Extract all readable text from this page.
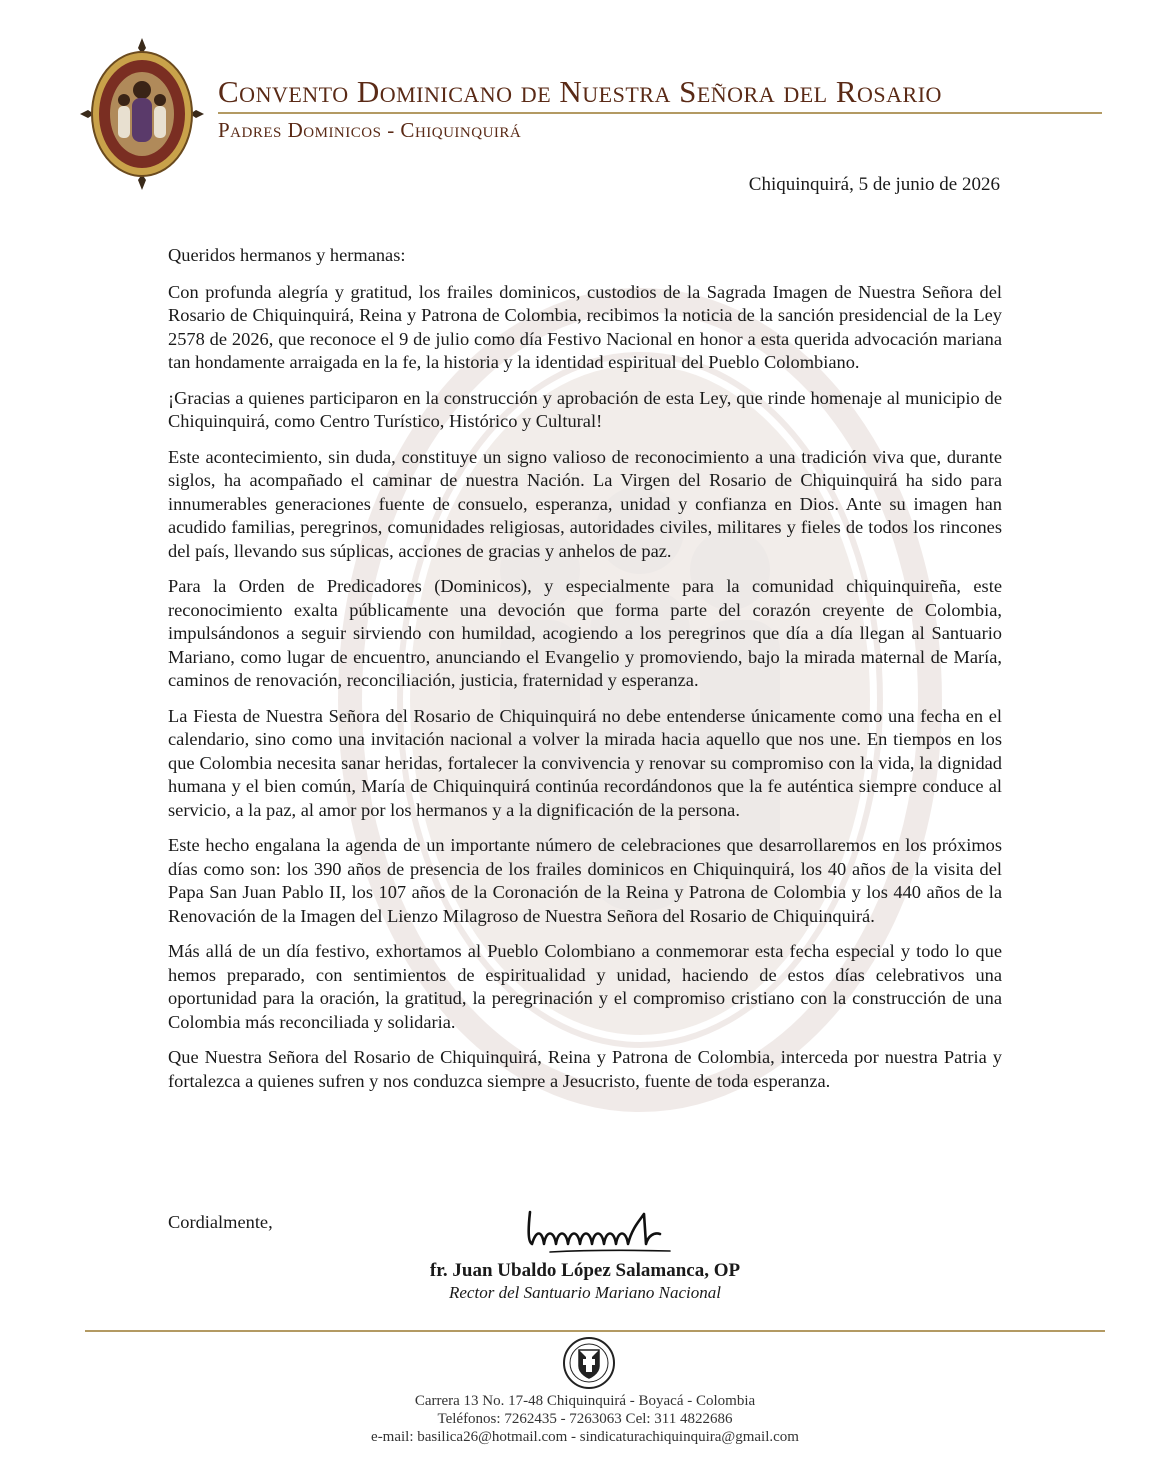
Convento Dominicano de Nuestra Señora del Rosario
Padres Dominicos - Chiquinquirá
Chiquinquirá, 5 de junio de 2026

Queridos hermanos y hermanas:

Con profunda alegría y gratitud, los frailes dominicos, custodios de la Sagrada Imagen de Nuestra Señora del Rosario de Chiquinquirá, Reina y Patrona de Colombia, recibimos la noticia de la sanción presidencial de la Ley 2578 de 2026, que reconoce el 9 de julio como día Festivo Nacional en honor a esta querida advocación mariana tan hondamente arraigada en la fe, la historia y la identidad espiritual del Pueblo Colombiano.

¡Gracias a quienes participaron en la construcción y aprobación de esta Ley, que rinde homenaje al municipio de Chiquinquirá, como Centro Turístico, Histórico y Cultural!

Este acontecimiento, sin duda, constituye un signo valioso de reconocimiento a una tradición viva que, durante siglos, ha acompañado el caminar de nuestra Nación. La Virgen del Rosario de Chiquinquirá ha sido para innumerables generaciones fuente de consuelo, esperanza, unidad y confianza en Dios. Ante su imagen han acudido familias, peregrinos, comunidades religiosas, autoridades civiles, militares y fieles de todos los rincones del país, llevando sus súplicas, acciones de gracias y anhelos de paz.

Para la Orden de Predicadores (Dominicos), y especialmente para la comunidad chiquinquireña, este reconocimiento exalta públicamente una devoción que forma parte del corazón creyente de Colombia, impulsándonos a seguir sirviendo con humildad, acogiendo a los peregrinos que día a día llegan al Santuario Mariano, como lugar de encuentro, anunciando el Evangelio y promoviendo, bajo la mirada maternal de María, caminos de renovación, reconciliación, justicia, fraternidad y esperanza.

La Fiesta de Nuestra Señora del Rosario de Chiquinquirá no debe entenderse únicamente como una fecha en el calendario, sino como una invitación nacional a volver la mirada hacia aquello que nos une. En tiempos en los que Colombia necesita sanar heridas, fortalecer la convivencia y renovar su compromiso con la vida, la dignidad humana y el bien común, María de Chiquinquirá continúa recordándonos que la fe auténtica siempre conduce al servicio, a la paz, al amor por los hermanos y a la dignificación de la persona.

Este hecho engalana la agenda de un importante número de celebraciones que desarrollaremos en los próximos días como son: los 390 años de presencia de los frailes dominicos en Chiquinquirá, los 40 años de la visita del Papa San Juan Pablo II, los 107 años de la Coronación de la Reina y Patrona de Colombia y los 440 años de la Renovación de la Imagen del Lienzo Milagroso de Nuestra Señora del Rosario de Chiquinquirá.

Más allá de un día festivo, exhortamos al Pueblo Colombiano a conmemorar esta fecha especial y todo lo que hemos preparado, con sentimientos de espiritualidad y unidad, haciendo de estos días celebrativos una oportunidad para la oración, la gratitud, la peregrinación y el compromiso cristiano con la construcción de una Colombia más reconciliada y solidaria.

Que Nuestra Señora del Rosario de Chiquinquirá, Reina y Patrona de Colombia, interceda por nuestra Patria y fortalezca a quienes sufren y nos conduzca siempre a Jesucristo, fuente de toda esperanza.

Cordialmente,
fr. Juan Ubaldo López Salamanca, OP
Rector del Santuario Mariano Nacional
Carrera 13 No. 17-48 Chiquinquirá - Boyacá - Colombia
Teléfonos: 7262435 - 7263063 Cel: 311 4822686
e-mail: basilica26@hotmail.com - sindicaturachiquinquira@gmail.com
